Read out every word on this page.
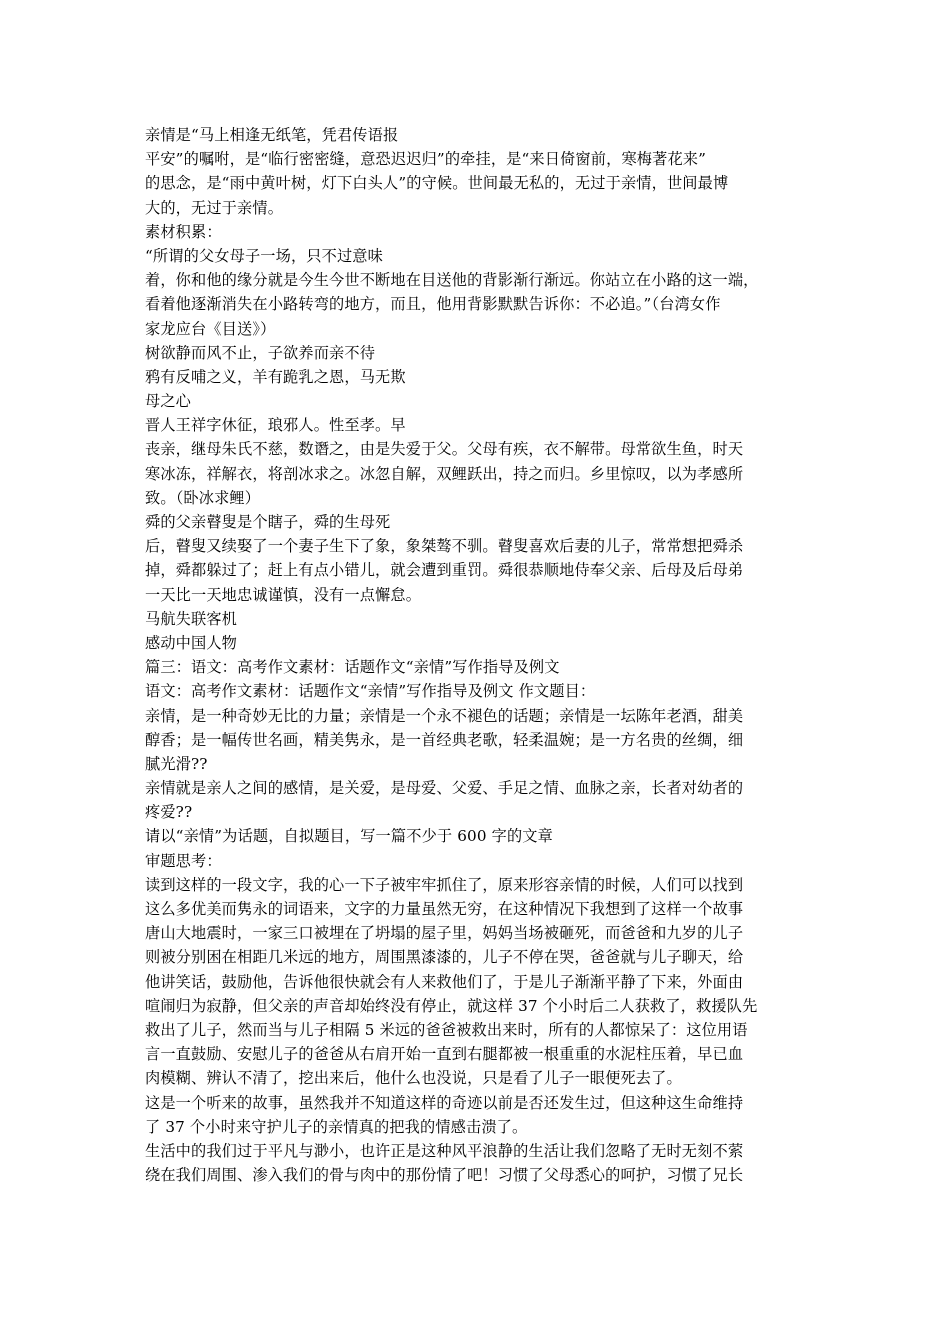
亲情是“马上相逢无纸笔，凭君传语报
平安”的嘱咐，是“临行密密缝，意恐迟迟归”的牵挂，是“来日倚窗前，寒梅著花来”
的思念，是“雨中黄叶树，灯下白头人”的守候。世间最无私的，无过于亲情，世间最博
大的，无过于亲情。
素材积累：
“所谓的父女母子一场，只不过意味
着，你和他的缘分就是今生今世不断地在目送他的背影渐行渐远。你站立在小路的这一端，
看着他逐渐消失在小路转弯的地方，而且，他用背影默默告诉你：不必追。”（台湾女作
家龙应台《目送》）
树欲静而风不止，子欲养而亲不待
鸦有反哺之义，羊有跪乳之恩，马无欺
母之心
晋人王祥字休征，琅邪人。性至孝。早
丧亲，继母朱氏不慈，数谮之，由是失爱于父。父母有疾，衣不解带。母常欲生鱼，时天
寒冰冻，祥解衣，将剖冰求之。冰忽自解，双鲤跃出，持之而归。乡里惊叹，以为孝感所
致。（卧冰求鲤）
舜的父亲瞽叟是个瞎子，舜的生母死
后，瞽叟又续娶了一个妻子生下了象，象桀骜不驯。瞽叟喜欢后妻的儿子，常常想把舜杀
掉，舜都躲过了；赶上有点小错儿，就会遭到重罚。舜很恭顺地侍奉父亲、后母及后母弟
一天比一天地忠诚谨慎，没有一点懈怠。
马航失联客机
感动中国人物
篇三：语文：高考作文素材：话题作文“亲情”写作指导及例文
语文：高考作文素材：话题作文“亲情”写作指导及例文 作文题目：
亲情，是一种奇妙无比的力量；亲情是一个永不褪色的话题；亲情是一坛陈年老酒，甜美
醇香；是一幅传世名画，精美隽永，是一首经典老歌，轻柔温婉；是一方名贵的丝绸，细
腻光滑??
亲情就是亲人之间的感情，是关爱，是母爱、父爱、手足之情、血脉之亲，长者对幼者的
疼爱??
请以“亲情”为话题，自拟题目，写一篇不少于 600 字的文章
审题思考：
读到这样的一段文字，我的心一下子被牢牢抓住了，原来形容亲情的时候，人们可以找到
这么多优美而隽永的词语来，文字的力量虽然无穷，在这种情况下我想到了这样一个故事
唐山大地震时，一家三口被埋在了坍塌的屋子里，妈妈当场被砸死，而爸爸和九岁的儿子
则被分别困在相距几米远的地方，周围黑漆漆的，儿子不停在哭，爸爸就与儿子聊天，给
他讲笑话，鼓励他，告诉他很快就会有人来救他们了，于是儿子渐渐平静了下来，外面由
喧闹归为寂静，但父亲的声音却始终没有停止，就这样 37 个小时后二人获救了，救援队先
救出了儿子，然而当与儿子相隔 5 米远的爸爸被救出来时，所有的人都惊呆了：这位用语
言一直鼓励、安慰儿子的爸爸从右肩开始一直到右腿都被一根重重的水泥柱压着，早已血
肉模糊、辨认不清了，挖出来后，他什么也没说，只是看了儿子一眼便死去了。
这是一个听来的故事，虽然我并不知道这样的奇迹以前是否还发生过，但这种这生命维持
了 37 个小时来守护儿子的亲情真的把我的情感击溃了。
生活中的我们过于平凡与渺小，也许正是这种风平浪静的生活让我们忽略了无时无刻不萦
绕在我们周围、渗入我们的骨与肉中的那份情了吧！习惯了父母悉心的呵护，习惯了兄长
